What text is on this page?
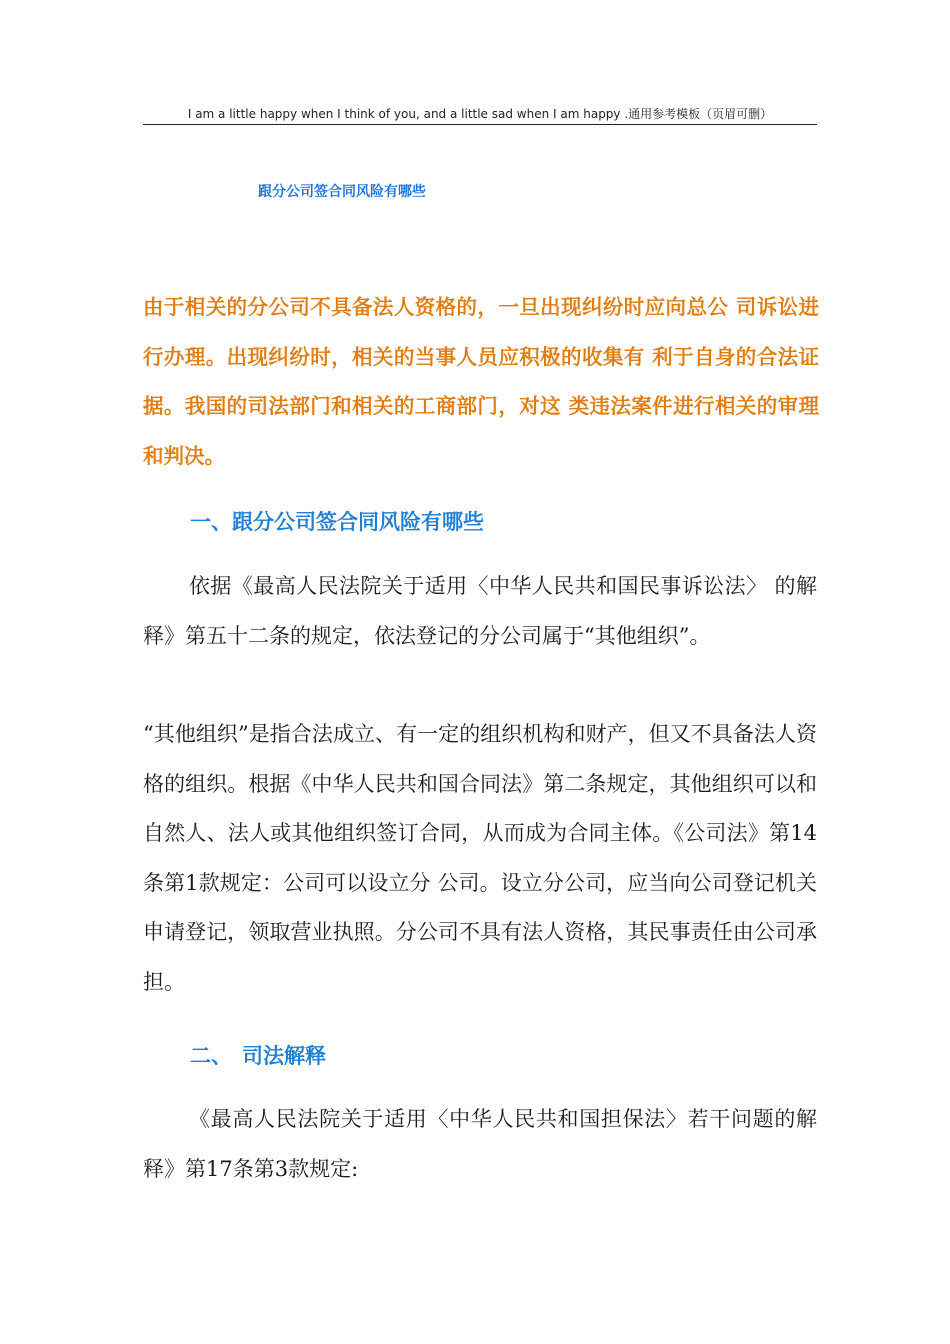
I am a little happy when I think of you, and a little sad when I am happy .通用参考模板（页眉可删）
跟分公司签合同风险有哪些
由于相关的分公司不具备法人资格的，一旦出现纠纷时应向总公 司诉讼进行办理。出现纠纷时，相关的当事人员应积极的收集有 利于自身的合法证据。我国的司法部门和相关的工商部门，对这 类违法案件进行相关的审理和判决。
一、跟分公司签合同风险有哪些
依据《最高人民法院关于适用〈中华人民共和国民事诉讼法〉 的解释》第五十二条的规定，依法登记的分公司属于“其他组织”。
“其他组织”是指合法成立、有一定的组织机构和财产，但又不具备法人资格的组织。根据《中华人民共和国合同法》第二条规定，其他组织可以和自然人、法人或其他组织签订合同，从而成为合同主体。《公司法》第14条第1款规定：公司可以设立分 公司。设立分公司，应当向公司登记机关申请登记，领取营业执照。分公司不具有法人资格，其民事责任由公司承担。
二、 司法解释
《最高人民法院关于适用〈中华人民共和国担保法〉若干问题的解释》第17条第3款规定:
